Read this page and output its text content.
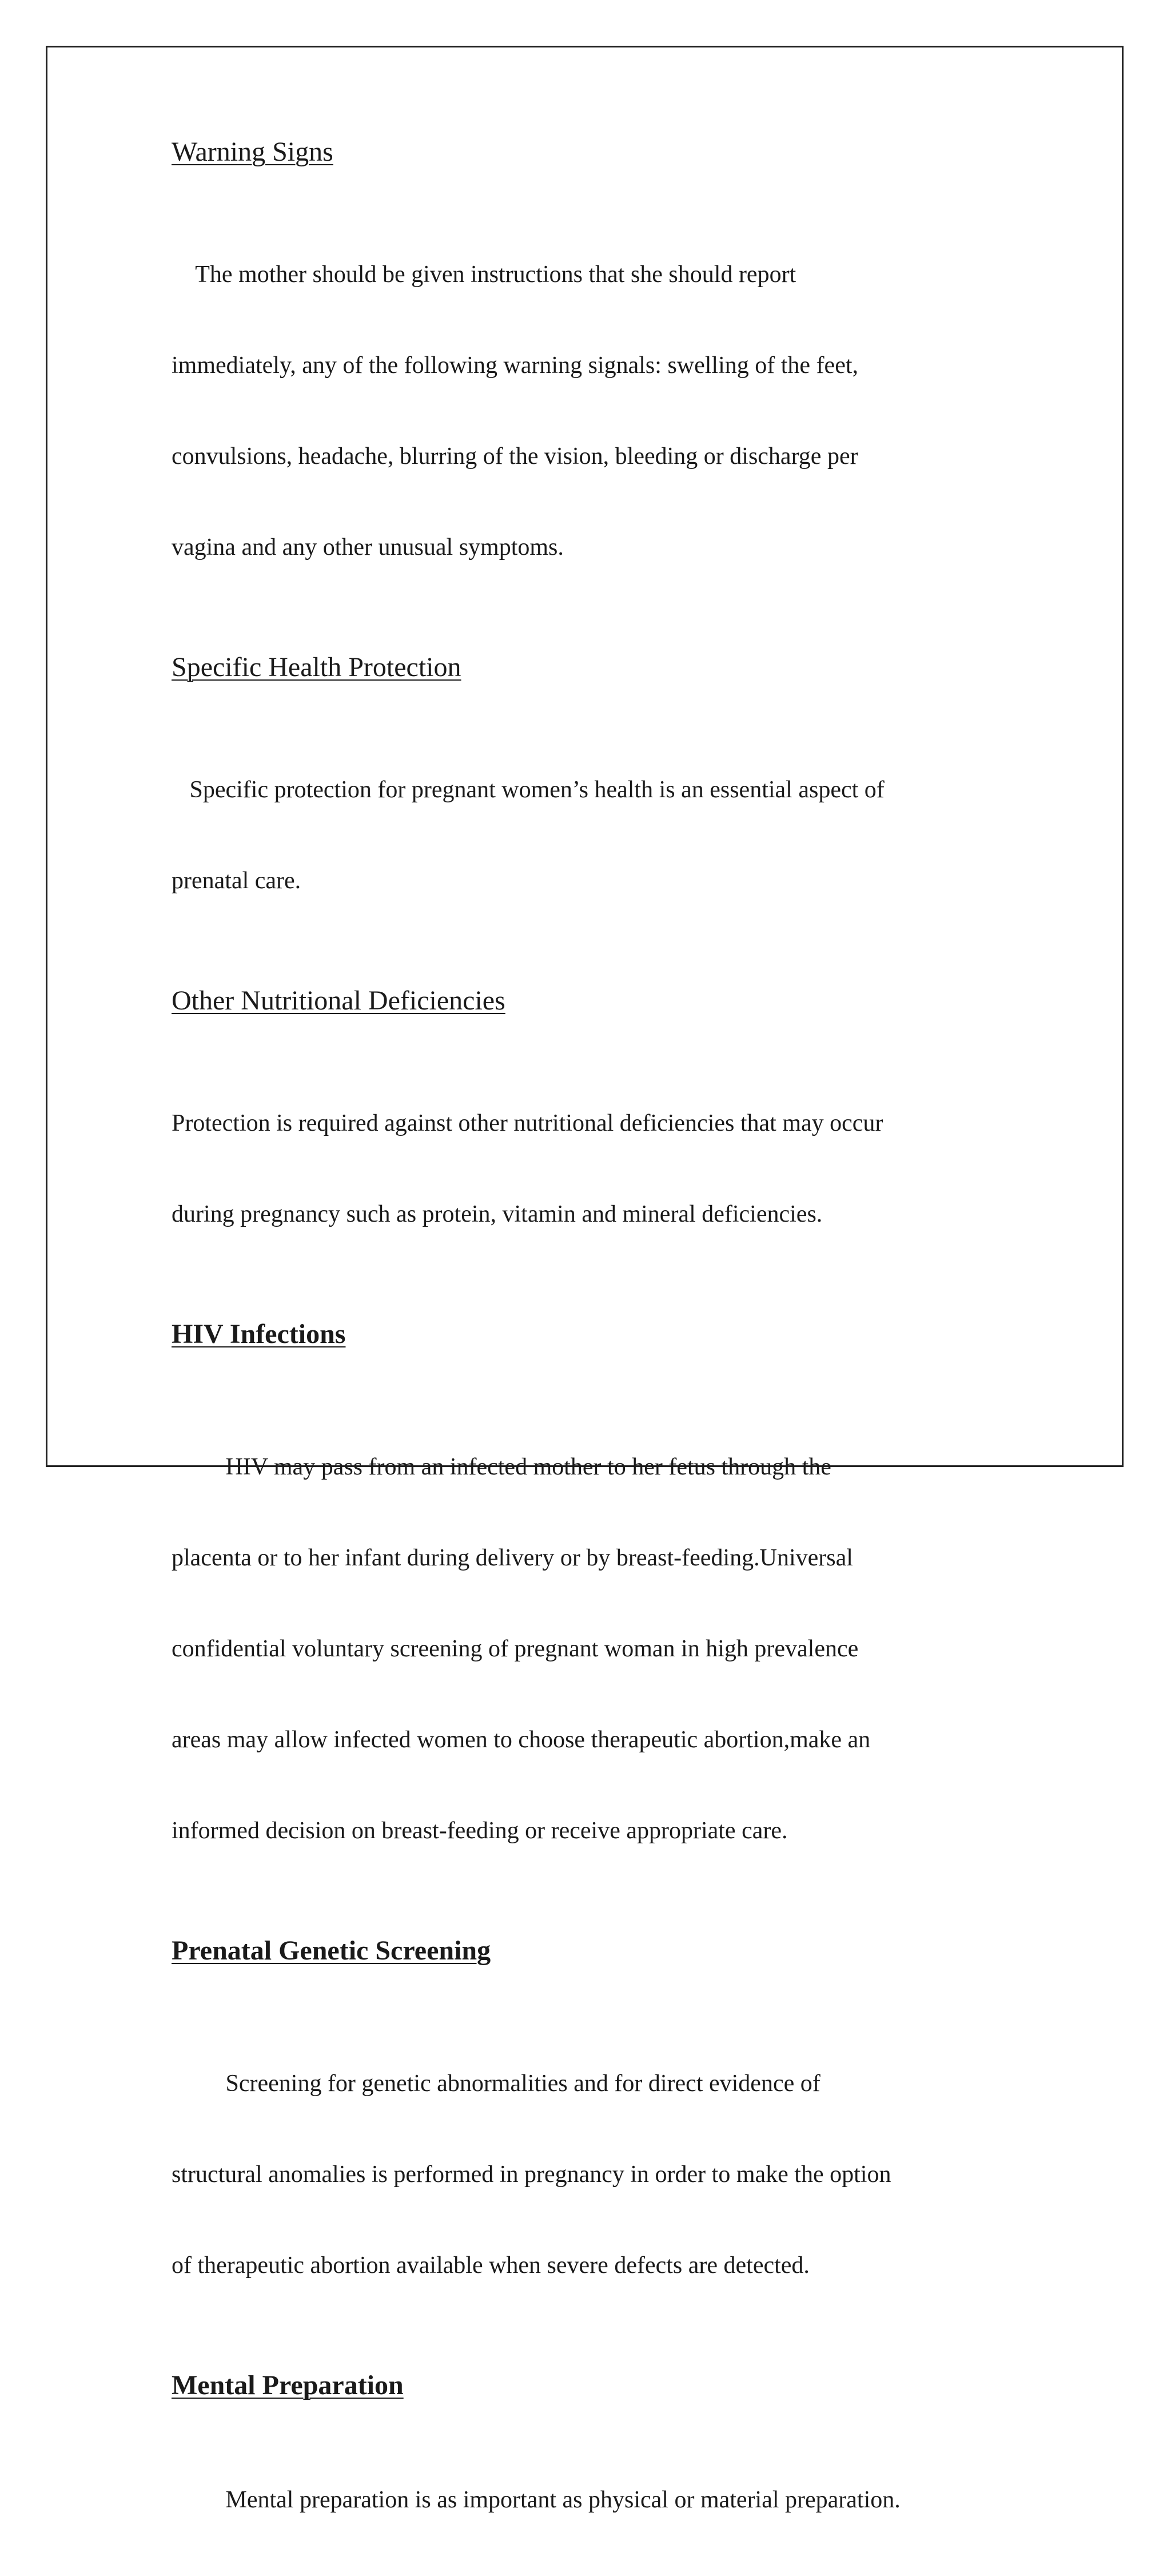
Warning Signs

The mother should be given instructions that she should report

immediately, any of the following warning signals: swelling of the feet,

convulsions, headache, blurring of the vision, bleeding or discharge per

vagina and any other unusual symptoms.

Specific Health Protection

Specific protection for pregnant women’s health is an essential aspect of

prenatal care.

Other Nutritional Deficiencies

Protection is required against other nutritional deficiencies that may occur

during pregnancy such as protein, vitamin and mineral deficiencies.

HIV Infections

HIV may pass from an infected mother to her fetus through the

placenta or to her infant during delivery or by breast-feeding.Universal

confidential voluntary screening of pregnant woman in high prevalence

areas may allow infected women to choose therapeutic abortion,make an

informed decision on breast-feeding or receive appropriate care.

Prenatal Genetic Screening

Screening for genetic abnormalities and for direct evidence of

structural anomalies is performed in pregnancy in order to make the option

of therapeutic abortion available when severe defects are detected.

Mental Preparation

Mental preparation is as important as physical or material preparation.
